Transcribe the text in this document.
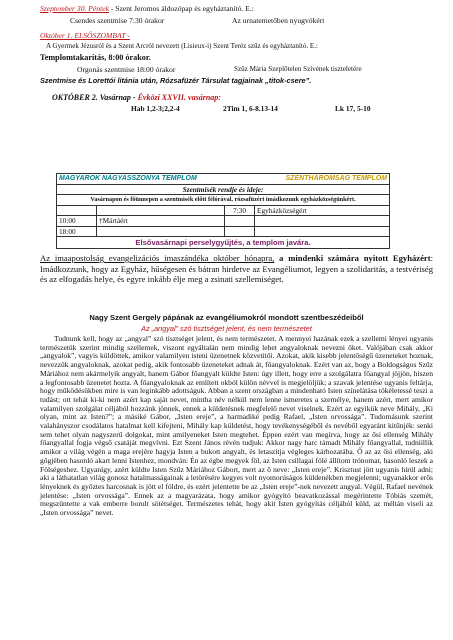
Szeptember 30. Péntek - Szent Jeromos áldozópap és egyháztanító. E.:
Csendes szentmise 7:30 órakor	Az urnatemetőben nyugvókért
Október 1. ELSŐSZOMBAT -
A Gyermek Jézusról és a Szent Arcról nevezett (Lisieux-i) Szent Teréz szűz és egyháztanító. E.:
Templomtakarítás, 8:00 órakor.
Orgonás szentmise 18:00 órakor	Szűz Mária Szeplőtelen Szívének tiszteletére
Szentmise és Lorettói litánia után, Rózsafüzér Társulat tagjainak „titok-csere”.
OKTÓBER 2. Vasárnap - Évközi XXVII. vasárnap:
Hab 1,2-3;2,2-4	2Tim 1, 6-8.13-14	Lk 17, 5-10
MAGYAROK NAGYASSZONYA TEMPLOM		SZENTHÁROMSÁG TEMPLOM	
Szentmisék rendje és ideje:			
Vasárnapon és főünnepen a szentmisék előtt félórával, rózsafüzért imádkozunk egyházközségünkért.			
		7:30	Egyházközségért
10:00	†Mártáért		
18:00			
Elsővasárnapi perselygyűjtés, a templom javára.			
Az imaapostolság evangelizációs imaszándéka október hónapra, a mindenki számára nyitott Egyházért: Imádkozzunk, hogy az Egyház, hűségesen és bátran hirdetve az Evangéliumot, legyen a szolidaritás, a testvériség és az elfogadás helye, és egyre inkább élje meg a zsinati szellemiséget.
Nagy Szent Gergely pápának az evangéliumokról mondott szentbeszédeiből
Az „angyal” szó tisztséget jelent, és nem természetet
Tudnunk kell, hogy az „angyal” szó tisztséget jelent, és nem természetet. A mennyei hazának ezek a szellemi lényei ugyanis természetük szerint mindig szellemek, viszont egyáltalán nem mindig lehet angyaloknak nevezni őket. Valójában csak akkor „angyalok”, vagyis küldöttek, amikor valamilyen isteni üzenetnek közvetítői. Azokat, akik kisebb jelentőségű üzeneteket hoznak, nevezzük angyaloknak, azokat pedig, akik fontosabb üzeneteket adnak át, főangyaloknak. Ezért van az, hogy a Boldogságos Szűz Máriához nem akármelyik angyalt, hanem Gábor főangyalt küldte Isten: úgy illett, hogy erre a szolgálatra főangyal jöjjön, hiszen a legfontosabb üzenetet hozta. A főangyaloknak az említett okból külön névvel is megjelöljük; a szavak jelentése ugyanis feltárja, hogy működésükben mire is van leginkább adottságuk. Abban a szent országban a mindenható Isten színelátása tökéletessé teszi a tudást; ott tehát ki-ki nem azért kap saját nevet, mintha név nélkül nem lenne ismeretes a személye, hanem azért, mert amikor valamilyen szolgálat céljából hozzánk jönnek, ennek a küldetésnek megfelelő nevet viselnek. Ezért az egyikük neve Mihály, „Ki olyan, mint az Isten?”; a másiké Gábor, „Isten ereje”, a harmadiké pedig Rafael, „Isten orvossága”. Tudomásunk szerint valahányszor csodálatos hatalmat kell kifejteni, Mihály kap küldetést, hogy tevékenységéből és nevéből egyaránt kitűnjék: senki sem tehet olyan nagyszerű dolgokat, mint amilyeneket Isten megtehet. Éppen ezért van megírva, hogy az ősi ellenség Mihály főangyallal fogja végső csatáját megvívni. Ezt Szent János révén tudjuk: Akkor nagy harc támadt Mihály főangyallal, tudniillik amikor a világ végén a maga erejére hagyja Isten a bukott angyalt, és letaszítja végleges kárhozatába. Ő az az ősi ellenség, aki gőgjében hasonló akart lenni Istenhez, mondván: Én az égbe megyek föl, az Isten csillagai fölé állítom trónomat, hasonló leszek a Fölségeshez. Ugyanígy, azért küldte Isten Szűz Máriához Gábort, mert az ő neve: „Isten ereje”. Krisztust jött ugyanis hírül adni; aki a láthatatlan világ gonosz hatalmasságainak a letörésére kegyes volt nyomorúságos küldenékben megjelenni; ugyanakkor erős lényeknek és győztes harcosnak is jött el földre, és ezért jelentette be az „Isten ereje”-nek nevezett angyal. Végül, Rafael nevének jelentése: „Isten orvossága”. Ennek az a magyarázata, hogy amikor gyógyító beavatkozással megérintette Tóbiás szemét, megszüntette a vak emberre borult sötétséget. Természetes tehát, hogy akit Isten gyógyítás céljából küld, az méltán viseli az „Isten orvossága” nevet.
